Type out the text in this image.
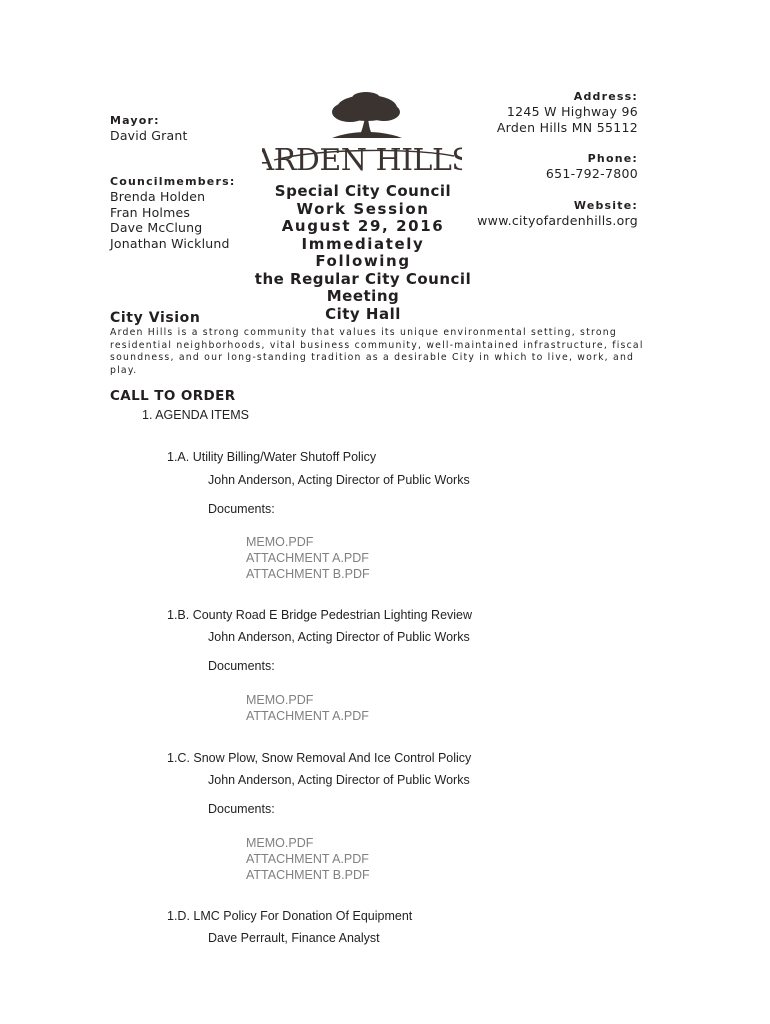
Mayor:
David Grant
Councilmembers:
Brenda Holden
Fran Holmes
Dave McClung
Jonathan Wicklund
ARDEN HILLS
Special City Council
Work Session
August 29, 2016
Immediately Following
the Regular City Council
Meeting
City Hall
Address:
1245 W Highway 96
Arden Hills MN 55112
Phone:
651-792-7800
Website:
www.cityofardenhills.org
City Vision
Arden Hills is a strong community that values its unique environmental setting, strong residential neighborhoods, vital business community, well-maintained infrastructure, fiscal soundness, and our long-standing tradition as a desirable City in which to live, work, and play.
CALL TO ORDER
1. AGENDA ITEMS
1.A. Utility Billing/Water Shutoff Policy
John Anderson, Acting Director of Public Works
Documents:
MEMO.PDF
ATTACHMENT A.PDF
ATTACHMENT B.PDF
1.B. County Road E Bridge Pedestrian Lighting Review
John Anderson, Acting Director of Public Works
Documents:
MEMO.PDF
ATTACHMENT A.PDF
1.C. Snow Plow, Snow Removal And Ice Control Policy
John Anderson, Acting Director of Public Works
Documents:
MEMO.PDF
ATTACHMENT A.PDF
ATTACHMENT B.PDF
1.D. LMC Policy For Donation Of Equipment
Dave Perrault, Finance Analyst
